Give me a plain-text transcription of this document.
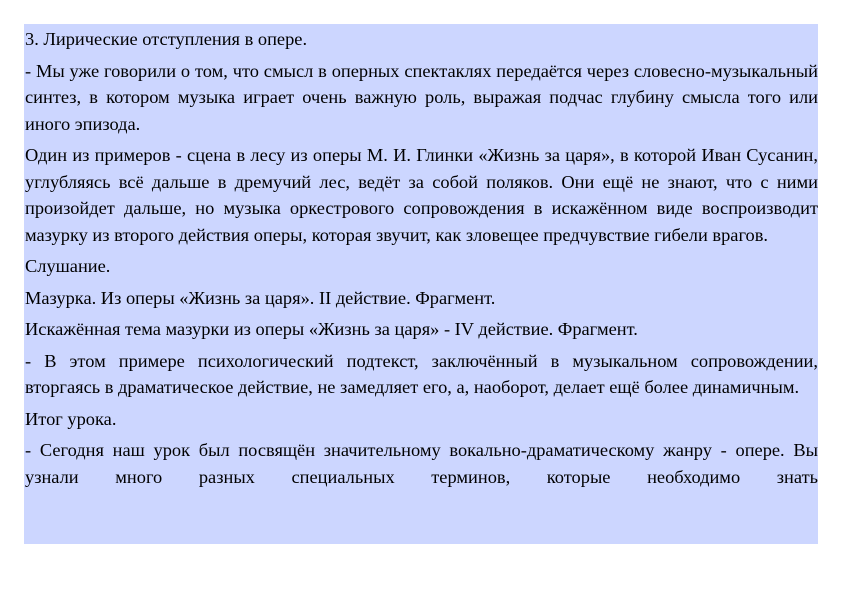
3. Лирические отступления в опере.

- Мы уже говорили о том, что смысл в оперных спектаклях передаётся через словесно-музыкальный синтез, в котором музыка играет очень важную роль, выражая подчас глубину смысла того или иного эпизода.

Один из примеров - сцена в лесу из оперы М. И. Глинки «Жизнь за царя», в которой Иван Сусанин, углубляясь всё дальше в дремучий лес, ведёт за собой поляков. Они ещё не знают, что с ними произойдет дальше, но музыка оркестрового сопровождения в искажённом виде воспроизводит мазурку из второго действия оперы, которая звучит, как зловещее предчувствие гибели врагов.

Слушание.

Мазурка. Из оперы «Жизнь за царя». II действие. Фрагмент.

Искажённая тема мазурки из оперы «Жизнь за царя» - IV действие. Фрагмент.

- В этом примере психологический подтекст, заключённый в музыкальном сопровождении, вторгаясь в драматическое действие, не замедляет его, а, наоборот, делает ещё более динамичным.

Итог урока.

- Сегодня наш урок был посвящён значительному вокально-драматическому жанру - опере. Вы узнали много разных специальных терминов, которые необходимо знать
